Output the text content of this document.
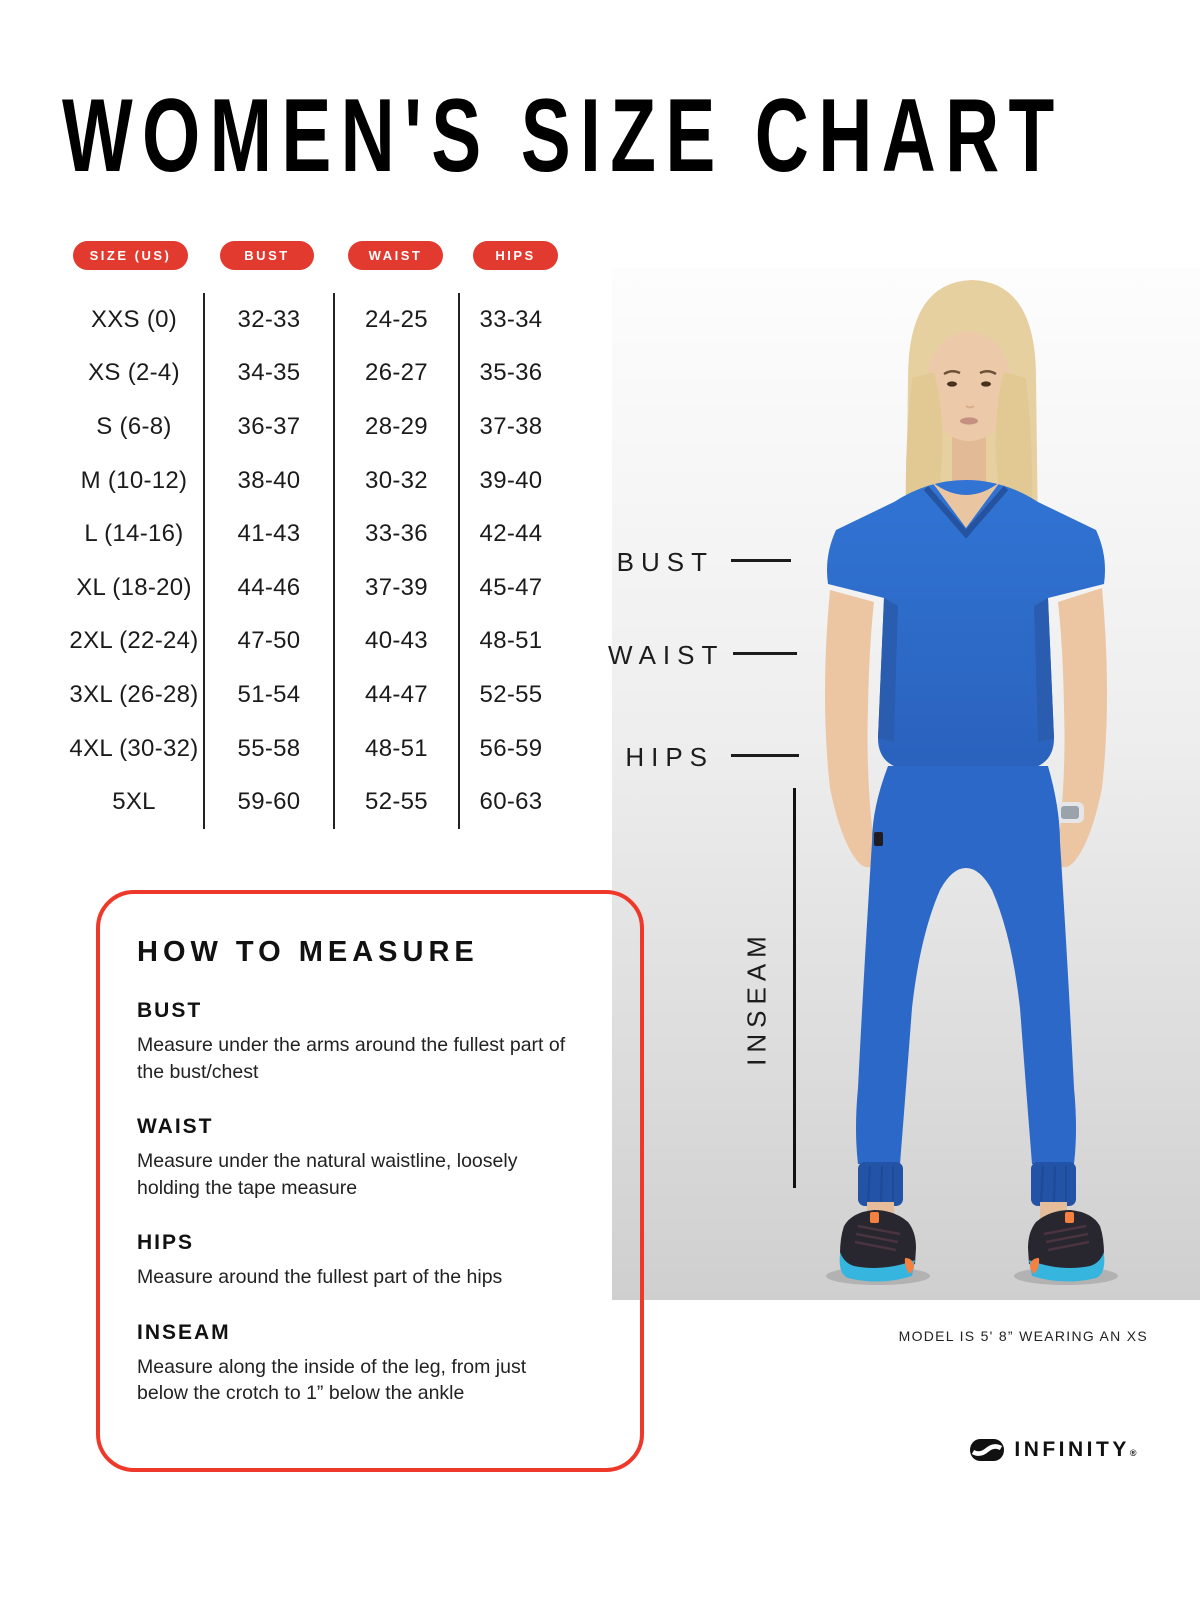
WOMEN'S SIZE CHART
SIZE (US)	BUST	WAIST	HIPS
XXS (0)	32-33	24-25	33-34
XS (2-4)	34-35	26-27	35-36
S (6-8)	36-37	28-29	37-38
M (10-12)	38-40	30-32	39-40
L (14-16)	41-43	33-36	42-44
XL (18-20)	44-46	37-39	45-47
2XL (22-24)	47-50	40-43	48-51
3XL (26-28)	51-54	44-47	52-55
4XL (30-32)	55-58	48-51	56-59
5XL	59-60	52-55	60-63
BUST
WAIST
HIPS
INSEAM
HOW TO MEASURE
BUST

Measure under the arms around the fullest part of the bust/chest

WAIST

Measure under the natural waistline, loosely holding the tape measure

HIPS

Measure around the fullest part of the hips

INSEAM

Measure along the inside of the leg, from just below the crotch to 1” below the ankle

MODEL IS 5' 8” WEARING AN XS
INFINITY®
